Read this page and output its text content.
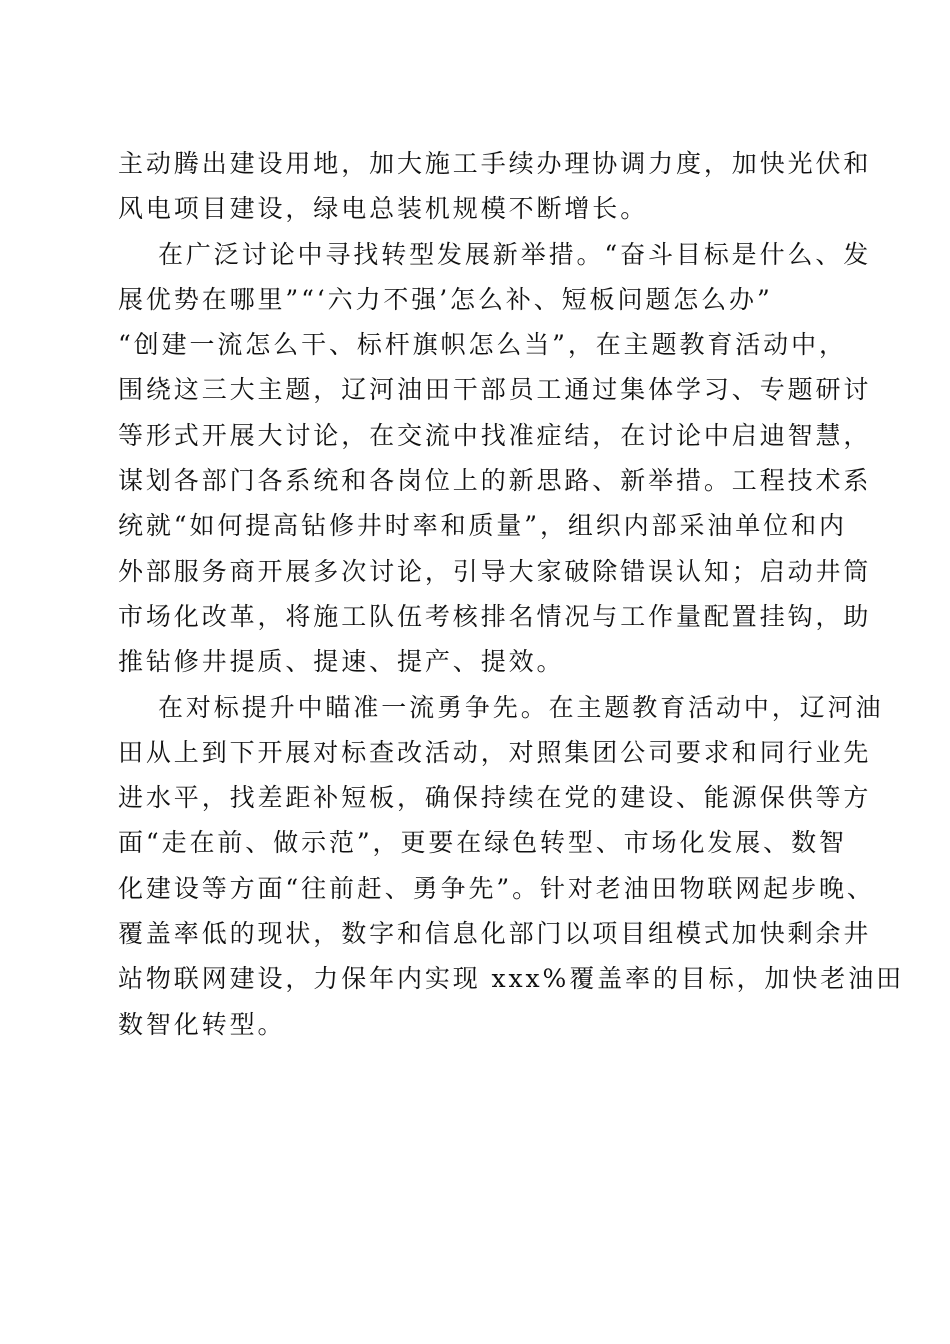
主动腾出建设用地，加大施工手续办理协调力度，加快光伏和
风电项目建设，绿电总装机规模不断增长。
在广泛讨论中寻找转型发展新举措。“奋斗目标是什么、发
展优势在哪里”“‘六力不强’怎么补、短板问题怎么办”
“创建一流怎么干、标杆旗帜怎么当”，在主题教育活动中，
围绕这三大主题，辽河油田干部员工通过集体学习、专题研讨
等形式开展大讨论，在交流中找准症结，在讨论中启迪智慧，
谋划各部门各系统和各岗位上的新思路、新举措。工程技术系
统就“如何提高钻修井时率和质量”，组织内部采油单位和内
外部服务商开展多次讨论，引导大家破除错误认知；启动井筒
市场化改革，将施工队伍考核排名情况与工作量配置挂钩，助
推钻修井提质、提速、提产、提效。
在对标提升中瞄准一流勇争先。在主题教育活动中，辽河油
田从上到下开展对标查改活动，对照集团公司要求和同行业先
进水平，找差距补短板，确保持续在党的建设、能源保供等方
面“走在前、做示范”，更要在绿色转型、市场化发展、数智
化建设等方面“往前赶、勇争先”。针对老油田物联网起步晚、
覆盖率低的现状，数字和信息化部门以项目组模式加快剩余井
站物联网建设，力保年内实现 xxx%覆盖率的目标，加快老油田
数智化转型。
